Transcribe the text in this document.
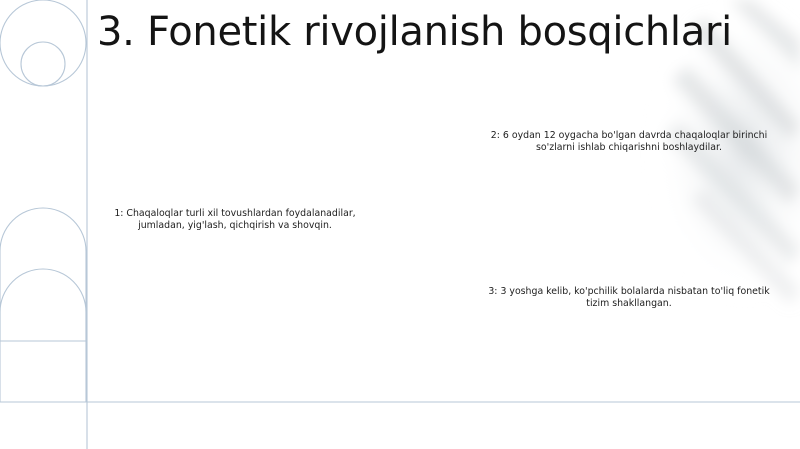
3. Fonetik rivojlanish bosqichlari

2: 6 oydan 12 oygacha bo'lgan davrda chaqaloqlar birinchi so'zlarni ishlab chiqarishni boshlaydilar.

1: Chaqaloqlar turli xil tovushlardan foydalanadilar, jumladan, yig'lash, qichqirish va shovqin.

3: 3 yoshga kelib, ko'pchilik bolalarda nisbatan to'liq fonetik tizim shakllangan.
